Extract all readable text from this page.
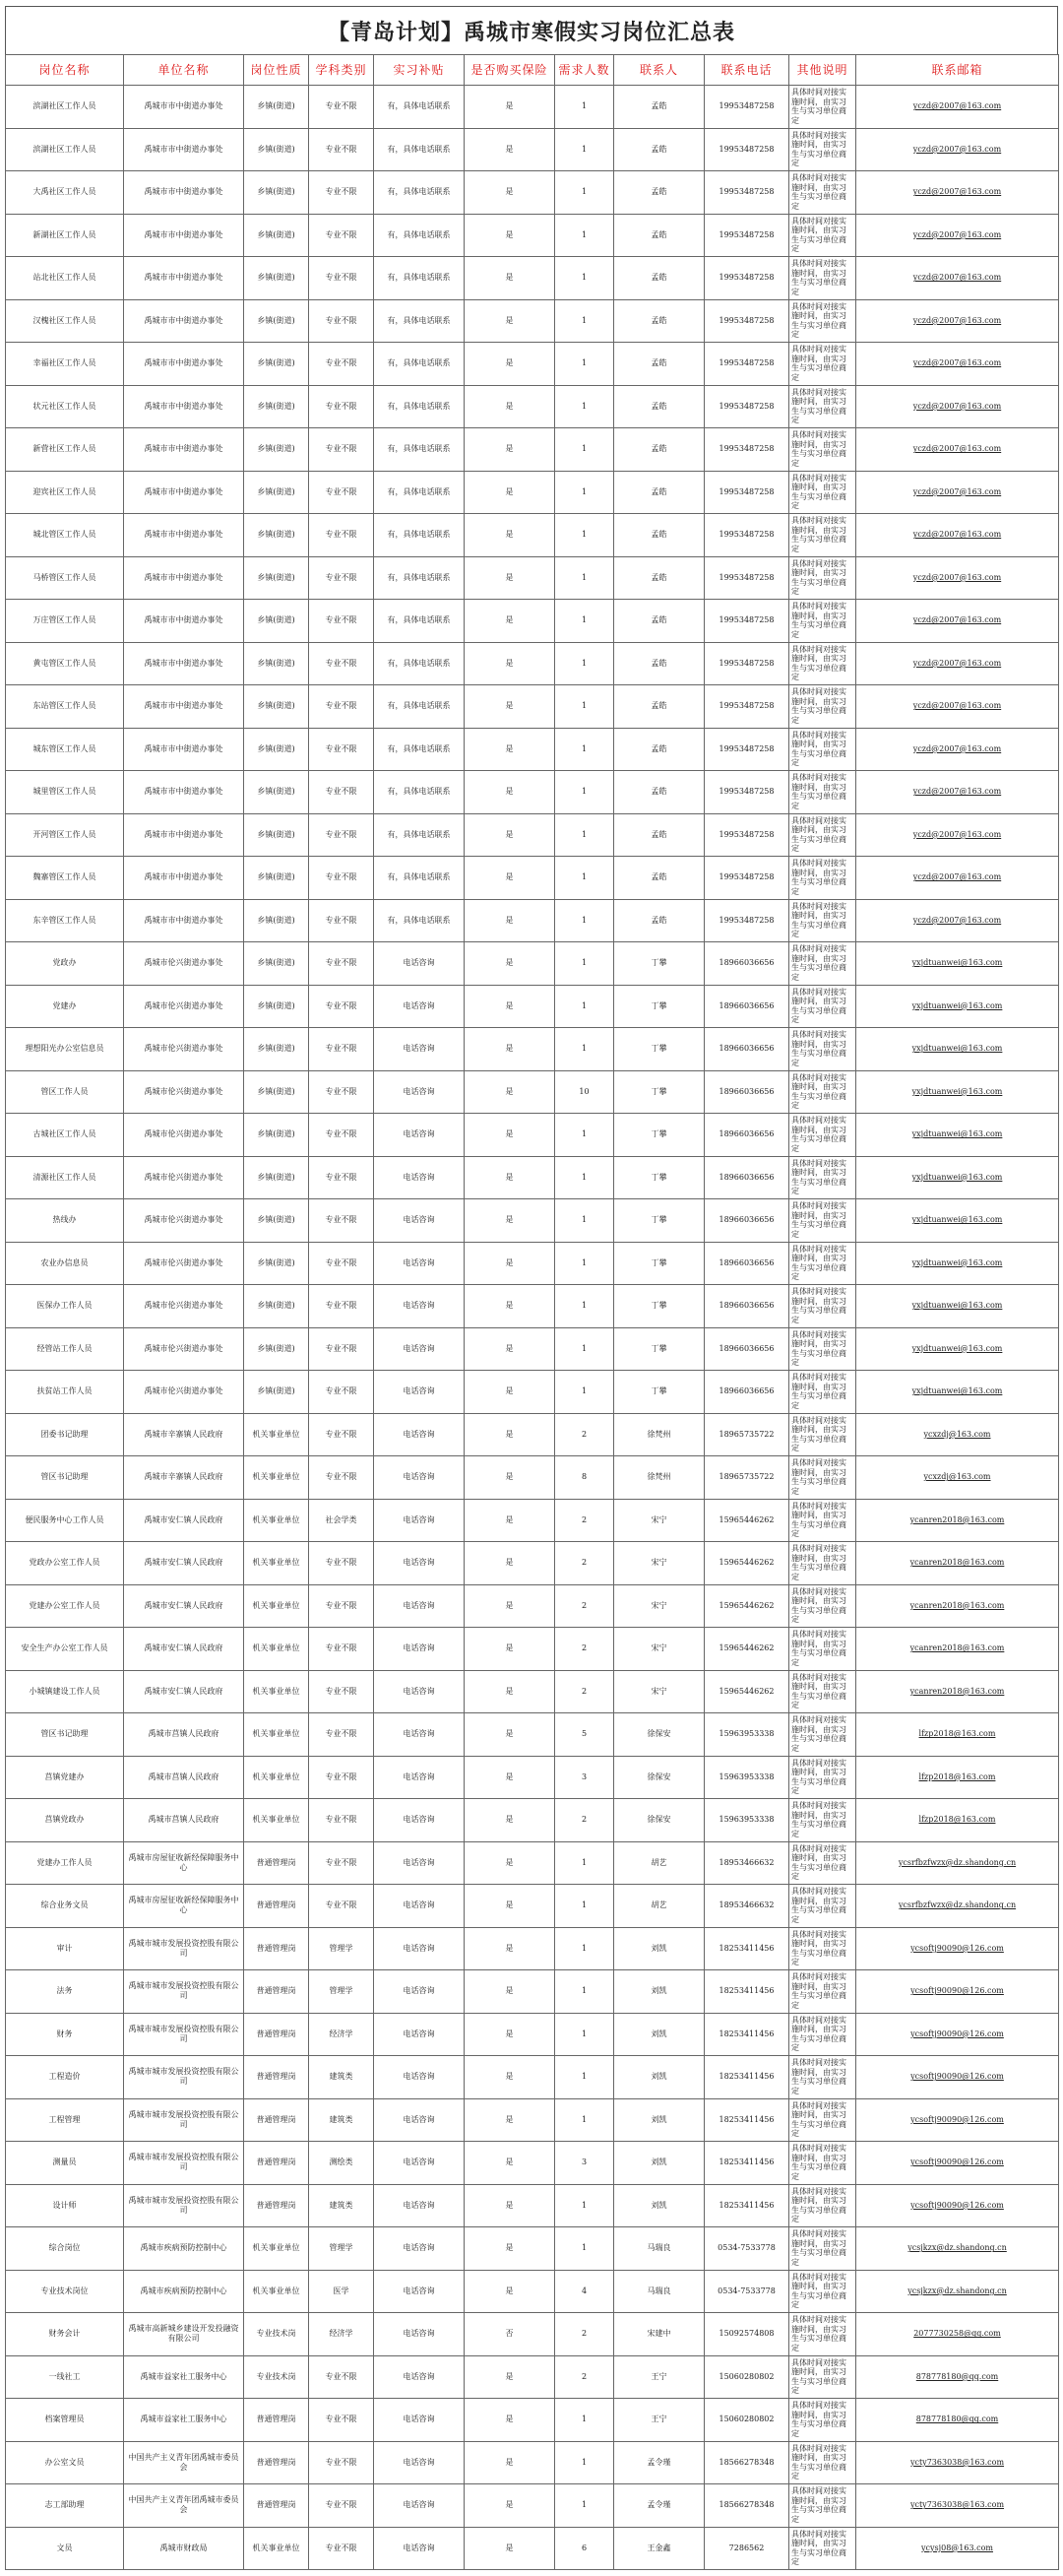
【青岛计划】禹城市寒假实习岗位汇总表
岗位名称	单位名称	岗位性质	学科类别	实习补贴	是否购买保险	需求人数	联系人	联系电话	其他说明	联系邮箱
滨湖社区工作人员	禹城市市中街道办事处	乡镇(街道)	专业不限	有，具体电话联系	是	1	孟皓	19953487258	具体时间对接实施时间，由实习生与实习单位商定	yczd@2007@163.com
滨湖社区工作人员	禹城市市中街道办事处	乡镇(街道)	专业不限	有，具体电话联系	是	1	孟皓	19953487258	具体时间对接实施时间，由实习生与实习单位商定	yczd@2007@163.com
大禹社区工作人员	禹城市市中街道办事处	乡镇(街道)	专业不限	有，具体电话联系	是	1	孟皓	19953487258	具体时间对接实施时间，由实习生与实习单位商定	yczd@2007@163.com
新湖社区工作人员	禹城市市中街道办事处	乡镇(街道)	专业不限	有，具体电话联系	是	1	孟皓	19953487258	具体时间对接实施时间，由实习生与实习单位商定	yczd@2007@163.com
站北社区工作人员	禹城市市中街道办事处	乡镇(街道)	专业不限	有，具体电话联系	是	1	孟皓	19953487258	具体时间对接实施时间，由实习生与实习单位商定	yczd@2007@163.com
汉槐社区工作人员	禹城市市中街道办事处	乡镇(街道)	专业不限	有，具体电话联系	是	1	孟皓	19953487258	具体时间对接实施时间，由实习生与实习单位商定	yczd@2007@163.com
幸福社区工作人员	禹城市市中街道办事处	乡镇(街道)	专业不限	有，具体电话联系	是	1	孟皓	19953487258	具体时间对接实施时间，由实习生与实习单位商定	yczd@2007@163.com
状元社区工作人员	禹城市市中街道办事处	乡镇(街道)	专业不限	有，具体电话联系	是	1	孟皓	19953487258	具体时间对接实施时间，由实习生与实习单位商定	yczd@2007@163.com
新营社区工作人员	禹城市市中街道办事处	乡镇(街道)	专业不限	有，具体电话联系	是	1	孟皓	19953487258	具体时间对接实施时间，由实习生与实习单位商定	yczd@2007@163.com
迎宾社区工作人员	禹城市市中街道办事处	乡镇(街道)	专业不限	有，具体电话联系	是	1	孟皓	19953487258	具体时间对接实施时间，由实习生与实习单位商定	yczd@2007@163.com
城北管区工作人员	禹城市市中街道办事处	乡镇(街道)	专业不限	有，具体电话联系	是	1	孟皓	19953487258	具体时间对接实施时间，由实习生与实习单位商定	yczd@2007@163.com
马桥管区工作人员	禹城市市中街道办事处	乡镇(街道)	专业不限	有，具体电话联系	是	1	孟皓	19953487258	具体时间对接实施时间，由实习生与实习单位商定	yczd@2007@163.com
万庄管区工作人员	禹城市市中街道办事处	乡镇(街道)	专业不限	有，具体电话联系	是	1	孟皓	19953487258	具体时间对接实施时间，由实习生与实习单位商定	yczd@2007@163.com
黄屯管区工作人员	禹城市市中街道办事处	乡镇(街道)	专业不限	有，具体电话联系	是	1	孟皓	19953487258	具体时间对接实施时间，由实习生与实习单位商定	yczd@2007@163.com
东站管区工作人员	禹城市市中街道办事处	乡镇(街道)	专业不限	有，具体电话联系	是	1	孟皓	19953487258	具体时间对接实施时间，由实习生与实习单位商定	yczd@2007@163.com
城东管区工作人员	禹城市市中街道办事处	乡镇(街道)	专业不限	有，具体电话联系	是	1	孟皓	19953487258	具体时间对接实施时间，由实习生与实习单位商定	yczd@2007@163.com
城里管区工作人员	禹城市市中街道办事处	乡镇(街道)	专业不限	有，具体电话联系	是	1	孟皓	19953487258	具体时间对接实施时间，由实习生与实习单位商定	yczd@2007@163.com
开河管区工作人员	禹城市市中街道办事处	乡镇(街道)	专业不限	有，具体电话联系	是	1	孟皓	19953487258	具体时间对接实施时间，由实习生与实习单位商定	yczd@2007@163.com
魏寨管区工作人员	禹城市市中街道办事处	乡镇(街道)	专业不限	有，具体电话联系	是	1	孟皓	19953487258	具体时间对接实施时间，由实习生与实习单位商定	yczd@2007@163.com
东辛管区工作人员	禹城市市中街道办事处	乡镇(街道)	专业不限	有，具体电话联系	是	1	孟皓	19953487258	具体时间对接实施时间，由实习生与实习单位商定	yczd@2007@163.com
党政办	禹城市伦兴街道办事处	乡镇(街道)	专业不限	电话咨询	是	1	丁攀	18966036656	具体时间对接实施时间，由实习生与实习单位商定	yxjdtuanwei@163.com
党建办	禹城市伦兴街道办事处	乡镇(街道)	专业不限	电话咨询	是	1	丁攀	18966036656	具体时间对接实施时间，由实习生与实习单位商定	yxjdtuanwei@163.com
理想阳光办公室信息员	禹城市伦兴街道办事处	乡镇(街道)	专业不限	电话咨询	是	1	丁攀	18966036656	具体时间对接实施时间，由实习生与实习单位商定	yxjdtuanwei@163.com
管区工作人员	禹城市伦兴街道办事处	乡镇(街道)	专业不限	电话咨询	是	10	丁攀	18966036656	具体时间对接实施时间，由实习生与实习单位商定	yxjdtuanwei@163.com
古城社区工作人员	禹城市伦兴街道办事处	乡镇(街道)	专业不限	电话咨询	是	1	丁攀	18966036656	具体时间对接实施时间，由实习生与实习单位商定	yxjdtuanwei@163.com
清源社区工作人员	禹城市伦兴街道办事处	乡镇(街道)	专业不限	电话咨询	是	1	丁攀	18966036656	具体时间对接实施时间，由实习生与实习单位商定	yxjdtuanwei@163.com
热线办	禹城市伦兴街道办事处	乡镇(街道)	专业不限	电话咨询	是	1	丁攀	18966036656	具体时间对接实施时间，由实习生与实习单位商定	yxjdtuanwei@163.com
农业办信息员	禹城市伦兴街道办事处	乡镇(街道)	专业不限	电话咨询	是	1	丁攀	18966036656	具体时间对接实施时间，由实习生与实习单位商定	yxjdtuanwei@163.com
医保办工作人员	禹城市伦兴街道办事处	乡镇(街道)	专业不限	电话咨询	是	1	丁攀	18966036656	具体时间对接实施时间，由实习生与实习单位商定	yxjdtuanwei@163.com
经管站工作人员	禹城市伦兴街道办事处	乡镇(街道)	专业不限	电话咨询	是	1	丁攀	18966036656	具体时间对接实施时间，由实习生与实习单位商定	yxjdtuanwei@163.com
扶贫站工作人员	禹城市伦兴街道办事处	乡镇(街道)	专业不限	电话咨询	是	1	丁攀	18966036656	具体时间对接实施时间，由实习生与实习单位商定	yxjdtuanwei@163.com
团委书记助理	禹城市辛寨镇人民政府	机关事业单位	专业不限	电话咨询	是	2	徐梵州	18965735722	具体时间对接实施时间，由实习生与实习单位商定	ycxzdj@163.com
管区书记助理	禹城市辛寨镇人民政府	机关事业单位	专业不限	电话咨询	是	8	徐梵州	18965735722	具体时间对接实施时间，由实习生与实习单位商定	ycxzdj@163.com
便民服务中心工作人员	禹城市安仁镇人民政府	机关事业单位	社会学类	电话咨询	是	2	宋宁	15965446262	具体时间对接实施时间，由实习生与实习单位商定	ycanren2018@163.com
党政办公室工作人员	禹城市安仁镇人民政府	机关事业单位	专业不限	电话咨询	是	2	宋宁	15965446262	具体时间对接实施时间，由实习生与实习单位商定	ycanren2018@163.com
党建办公室工作人员	禹城市安仁镇人民政府	机关事业单位	专业不限	电话咨询	是	2	宋宁	15965446262	具体时间对接实施时间，由实习生与实习单位商定	ycanren2018@163.com
安全生产办公室工作人员	禹城市安仁镇人民政府	机关事业单位	专业不限	电话咨询	是	2	宋宁	15965446262	具体时间对接实施时间，由实习生与实习单位商定	ycanren2018@163.com
小城镇建设工作人员	禹城市安仁镇人民政府	机关事业单位	专业不限	电话咨询	是	2	宋宁	15965446262	具体时间对接实施时间，由实习生与实习单位商定	ycanren2018@163.com
管区书记助理	禹城市莒镇人民政府	机关事业单位	专业不限	电话咨询	是	5	徐保安	15963953338	具体时间对接实施时间，由实习生与实习单位商定	lfzp2018@163.com
莒镇党建办	禹城市莒镇人民政府	机关事业单位	专业不限	电话咨询	是	3	徐保安	15963953338	具体时间对接实施时间，由实习生与实习单位商定	lfzp2018@163.com
莒镇党政办	禹城市莒镇人民政府	机关事业单位	专业不限	电话咨询	是	2	徐保安	15963953338	具体时间对接实施时间，由实习生与实习单位商定	lfzp2018@163.com
党建办工作人员	禹城市房屋征收新经保障服务中心	普通管理岗	专业不限	电话咨询	是	1	胡艺	18953466632	具体时间对接实施时间，由实习生与实习单位商定	ycsrfbzfwzx@dz.shandong.cn
综合业务文员	禹城市房屋征收新经保障服务中心	普通管理岗	专业不限	电话咨询	是	1	胡艺	18953466632	具体时间对接实施时间，由实习生与实习单位商定	ycsrfbzfwzx@dz.shandong.cn
审计	禹城市城市发展投资控股有限公司	普通管理岗	管理学	电话咨询	是	1	刘凯	18253411456	具体时间对接实施时间，由实习生与实习单位商定	ycsoftj90090@126.com
法务	禹城市城市发展投资控股有限公司	普通管理岗	管理学	电话咨询	是	1	刘凯	18253411456	具体时间对接实施时间，由实习生与实习单位商定	ycsoftj90090@126.com
财务	禹城市城市发展投资控股有限公司	普通管理岗	经济学	电话咨询	是	1	刘凯	18253411456	具体时间对接实施时间，由实习生与实习单位商定	ycsoftj90090@126.com
工程造价	禹城市城市发展投资控股有限公司	普通管理岗	建筑类	电话咨询	是	1	刘凯	18253411456	具体时间对接实施时间，由实习生与实习单位商定	ycsoftj90090@126.com
工程管理	禹城市城市发展投资控股有限公司	普通管理岗	建筑类	电话咨询	是	1	刘凯	18253411456	具体时间对接实施时间，由实习生与实习单位商定	ycsoftj90090@126.com
测量员	禹城市城市发展投资控股有限公司	普通管理岗	测绘类	电话咨询	是	3	刘凯	18253411456	具体时间对接实施时间，由实习生与实习单位商定	ycsoftj90090@126.com
设计师	禹城市城市发展投资控股有限公司	普通管理岗	建筑类	电话咨询	是	1	刘凯	18253411456	具体时间对接实施时间，由实习生与实习单位商定	ycsoftj90090@126.com
综合岗位	禹城市疾病预防控制中心	机关事业单位	管理学	电话咨询	是	1	马瑞良	0534-7533778	具体时间对接实施时间，由实习生与实习单位商定	ycsjkzx@dz.shandong.cn
专业技术岗位	禹城市疾病预防控制中心	机关事业单位	医学	电话咨询	是	4	马瑞良	0534-7533778	具体时间对接实施时间，由实习生与实习单位商定	ycsjkzx@dz.shandong.cn
财务会计	禹城市高新城乡建设开发投融资有限公司	专业技术岗	经济学	电话咨询	否	2	宋建中	15092574808	具体时间对接实施时间，由实习生与实习单位商定	2077730258@qq.com
一线社工	禹城市益家社工服务中心	专业技术岗	专业不限	电话咨询	是	2	王宁	15060280802	具体时间对接实施时间，由实习生与实习单位商定	878778180@qq.com
档案管理员	禹城市益家社工服务中心	普通管理岗	专业不限	电话咨询	是	1	王宁	15060280802	具体时间对接实施时间，由实习生与实习单位商定	878778180@qq.com
办公室文员	中国共产主义青年团禹城市委员会	普通管理岗	专业不限	电话咨询	是	1	孟令瑾	18566278348	具体时间对接实施时间，由实习生与实习单位商定	ycty7363038@163.com
志工部助理	中国共产主义青年团禹城市委员会	普通管理岗	专业不限	电话咨询	是	1	孟令瑾	18566278348	具体时间对接实施时间，由实习生与实习单位商定	ycty7363038@163.com
文员	禹城市财政局	机关事业单位	专业不限	电话咨询	是	6	王金鑫	7286562	具体时间对接实施时间，由实习生与实习单位商定	ycysj08@163.com
